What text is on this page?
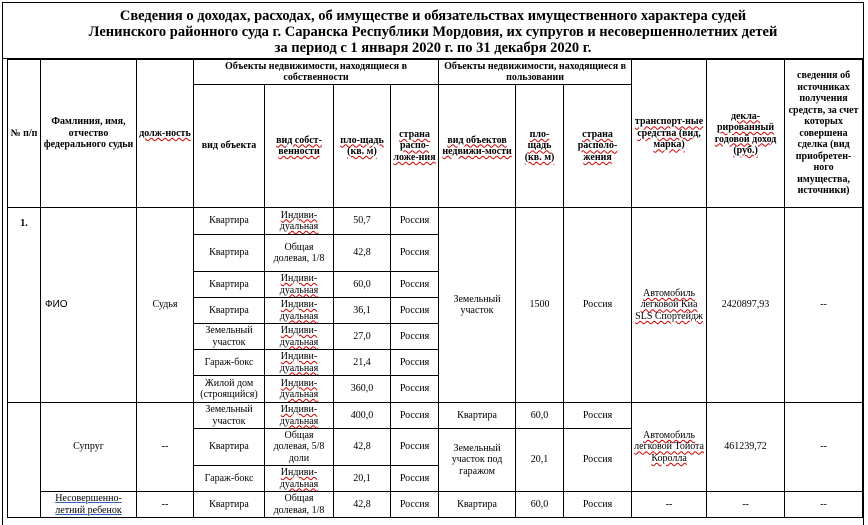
Сведения о доходах, расходах, об имуществе и обязательствах имущественного характера судей
Ленинского районного суда г. Саранска Республики Мордовия, их супругов и несовершеннолетних детей
за период с 1 января 2020 г. по 31 декабря 2020 г.
№ п/п	Фамлиния, имя, отчество федерального судьи	долж-ность	Объекты недвижимости, находящиеся в собственности				Объекты недвижимости, находящиеся в пользовании			транспорт-ные средства (вид, марка)	декла-рированный годовой доход (руб.)	сведения об источниках получения средств, за счет которых совершена сделка (вид приобретен-ного имущества, источники)
			вид объекта	вид собст-венности	пло-щадь (кв. м)	страна распо-ложе-ния	вид объектов недвижи-мости	пло-щадь (кв. м)	страна располо-жения			
1.	ФИО	Судья	Квартира	Индиви-дуальная	50,7	Россия	Земельный участок	1500	Россия	Автомобиль легковой Киа SLS Спортейдж	2420897,93	--
			Квартира	Общая долевая, 1/8	42,8	Россия						
			Квартира	Индиви-дуальная	60,0	Россия						
			Квартира	Индиви-дуальная	36,1	Россия						
			Земельный участок	Индиви-дуальная	27,0	Россия						
			Гараж-бокс	Индиви-дуальная	21,4	Россия						
			Жилой дом (строящийся)	Индиви-дуальная	360,0	Россия						
	Супруг	--	Земельный участок	Индиви-дуальная	400,0	Россия	Квартира	60,0	Россия	Автомобиль легковой Тойота Королла	461239,72	--
			Квартира	Общая долевая, 5/8 доли	42,8	Россия	Земельный участок под гаражом	20,1	Россия			
			Гараж-бокс	Индиви-дуальная	20,1	Россия						
	Несовершенно-летний ребенок	--	Квартира	Общая долевая, 1/8	42,8	Россия	Квартира	60,0	Россия	--	--	--
